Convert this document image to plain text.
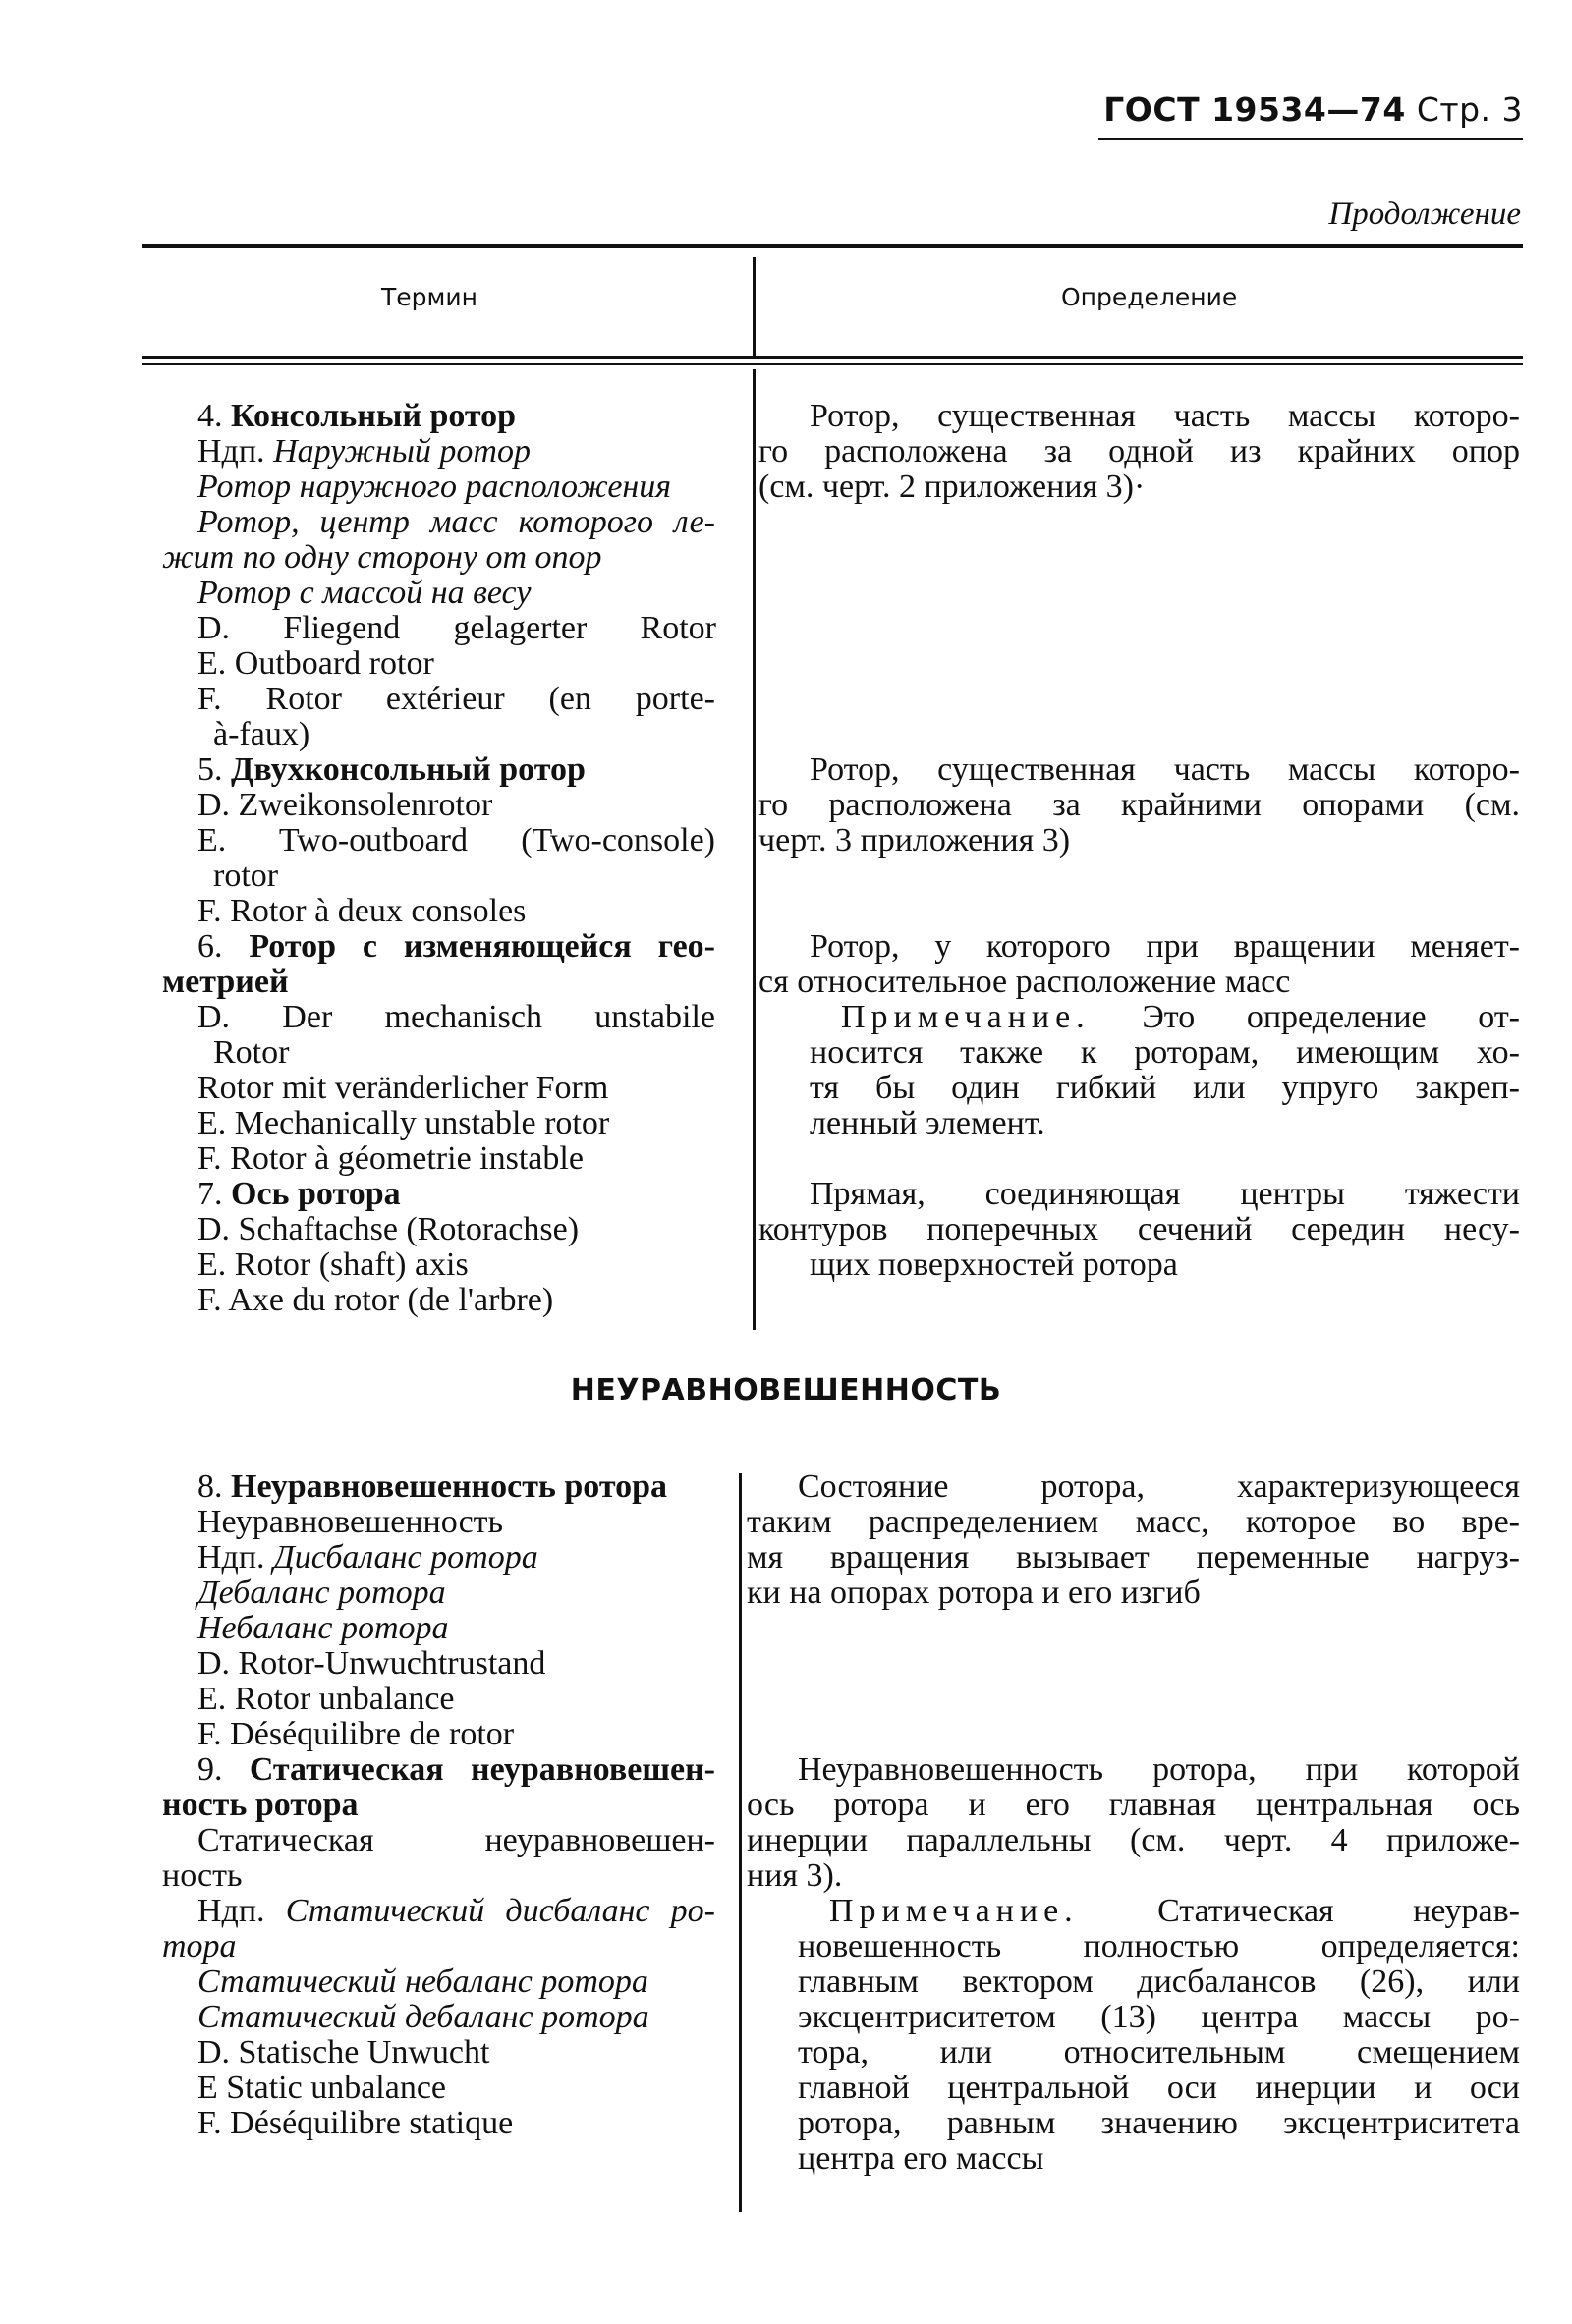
ГОСТ 19534—74 Стр. 3
Продолжение
Термин	Определение
4. Консольный ротор
Ндп. Наружный ротор
Ротор наружного расположения
Ротор, центр масс которого ле-
жит по одну сторону от опор
Ротор с массой на весу
D. Fliegend gelagerter Rotor
E. Outboard rotor
F. Rotor extérieur (en porte-
à-faux)
5. Двухконсольный ротор
D. Zweikonsolenrotor
E. Two-outboard (Two-console)
rotor
F. Rotor à deux consoles
6. Ротор с изменяющейся гео-
метрией
D. Der mechanisch unstabile
Rotor
Rotor mit veränderlicher Form
E. Mechanically unstable rotor
F. Rotor à géometrie instable
7. Ось ротора
D. Schaftachse (Rotorachse)
E. Rotor (shaft) axis
F. Axe du rotor (de l'arbre)
Ротор, существенная часть массы которо-
го расположена за одной из крайних опор
(см. черт. 2 приложения 3)·
Ротор, существенная часть массы которо-
го расположена за крайними опорами (см.
черт. 3 приложения 3)
Ротор, у которого при вращении меняет-
ся относительное расположение масс
Примечание. Это определение от-
носится также к роторам, имеющим хо-
тя бы один гибкий или упруго закреп-
ленный элемент.
Прямая, соединяющая центры тяжести
контуров поперечных сечений середин несу-
щих поверхностей ротора
НЕУРАВНОВЕШЕННОСТЬ
8. Неуравновешенность ротора
Неуравновешенность
Ндп. Дисбаланс ротора
Дебаланс ротора
Небаланс ротора
D. Rotor-Unwuchtrustand
E. Rotor unbalance
F. Déséquilibre de rotor
9. Статическая неуравновешен-
ность ротора
Статическая неуравновешен-
ность
Ндп. Статический дисбаланс ро-
тора
Статический небаланс ротора
Статический дебаланс ротора
D. Statische Unwucht
E Static unbalance
F. Déséquilibre statique
Состояние ротора, характеризующееся
таким распределением масс, которое во вре-
мя вращения вызывает переменные нагруз-
ки на опорах ротора и его изгиб
Неуравновешенность ротора, при которой
ось ротора и его главная центральная ось
инерции параллельны (см. черт. 4 приложе-
ния 3).
Примечание. Статическая неурав-
новешенность полностью определяется:
главным вектором дисбалансов (26), или
эксцентриситетом (13) центра массы ро-
тора, или относительным смещением
главной центральной оси инерции и оси
ротора, равным значению эксцентриситета
центра его массы
